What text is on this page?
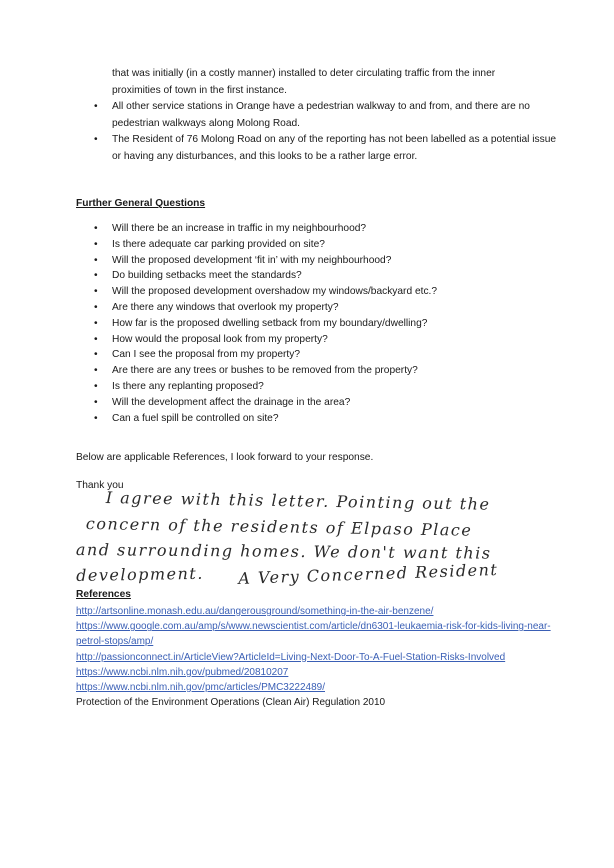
that was initially (in a costly manner) installed to deter circulating traffic from the inner
proximities of town in the first instance.
•	All other service stations in Orange have a pedestrian walkway to and from, and there are no pedestrian walkways along Molong Road.
•	The Resident of 76 Molong Road on any of the reporting has not been labelled as a potential issue or having any disturbances, and this looks to be a rather large error.
Further General Questions
• Will there be an increase in traffic in my neighbourhood?
• Is there adequate car parking provided on site?
• Will the proposed development ‘fit in’ with my neighbourhood?
• Do building setbacks meet the standards?
• Will the proposed development overshadow my windows/backyard etc.?
• Are there any windows that overlook my property?
• How far is the proposed dwelling setback from my boundary/dwelling?
• How would the proposal look from my property?
• Can I see the proposal from my property?
• Are there are any trees or bushes to be removed from the property?
• Is there any replanting proposed?
• Will the development affect the drainage in the area?
• Can a fuel spill be controlled on site?
Below are applicable References, I look forward to your response.
Thank you
I agree with this letter. Pointing out the
concern of the residents of Elpaso Place
and surrounding homes. We don't want this
development. A Very Concerned Resident
References
http://artsonline.monash.edu.au/dangerousground/something-in-the-air-benzene/
https://www.google.com.au/amp/s/www.newscientist.com/article/dn6301-leukaemia-risk-for-kids-living-near-petrol-stops/amp/
http://passionconnect.in/ArticleView?ArticleId=Living-Next-Door-To-A-Fuel-Station-Risks-Involved
https://www.ncbi.nlm.nih.gov/pubmed/20810207
https://www.ncbi.nlm.nih.gov/pmc/articles/PMC3222489/
Protection of the Environment Operations (Clean Air) Regulation 2010
